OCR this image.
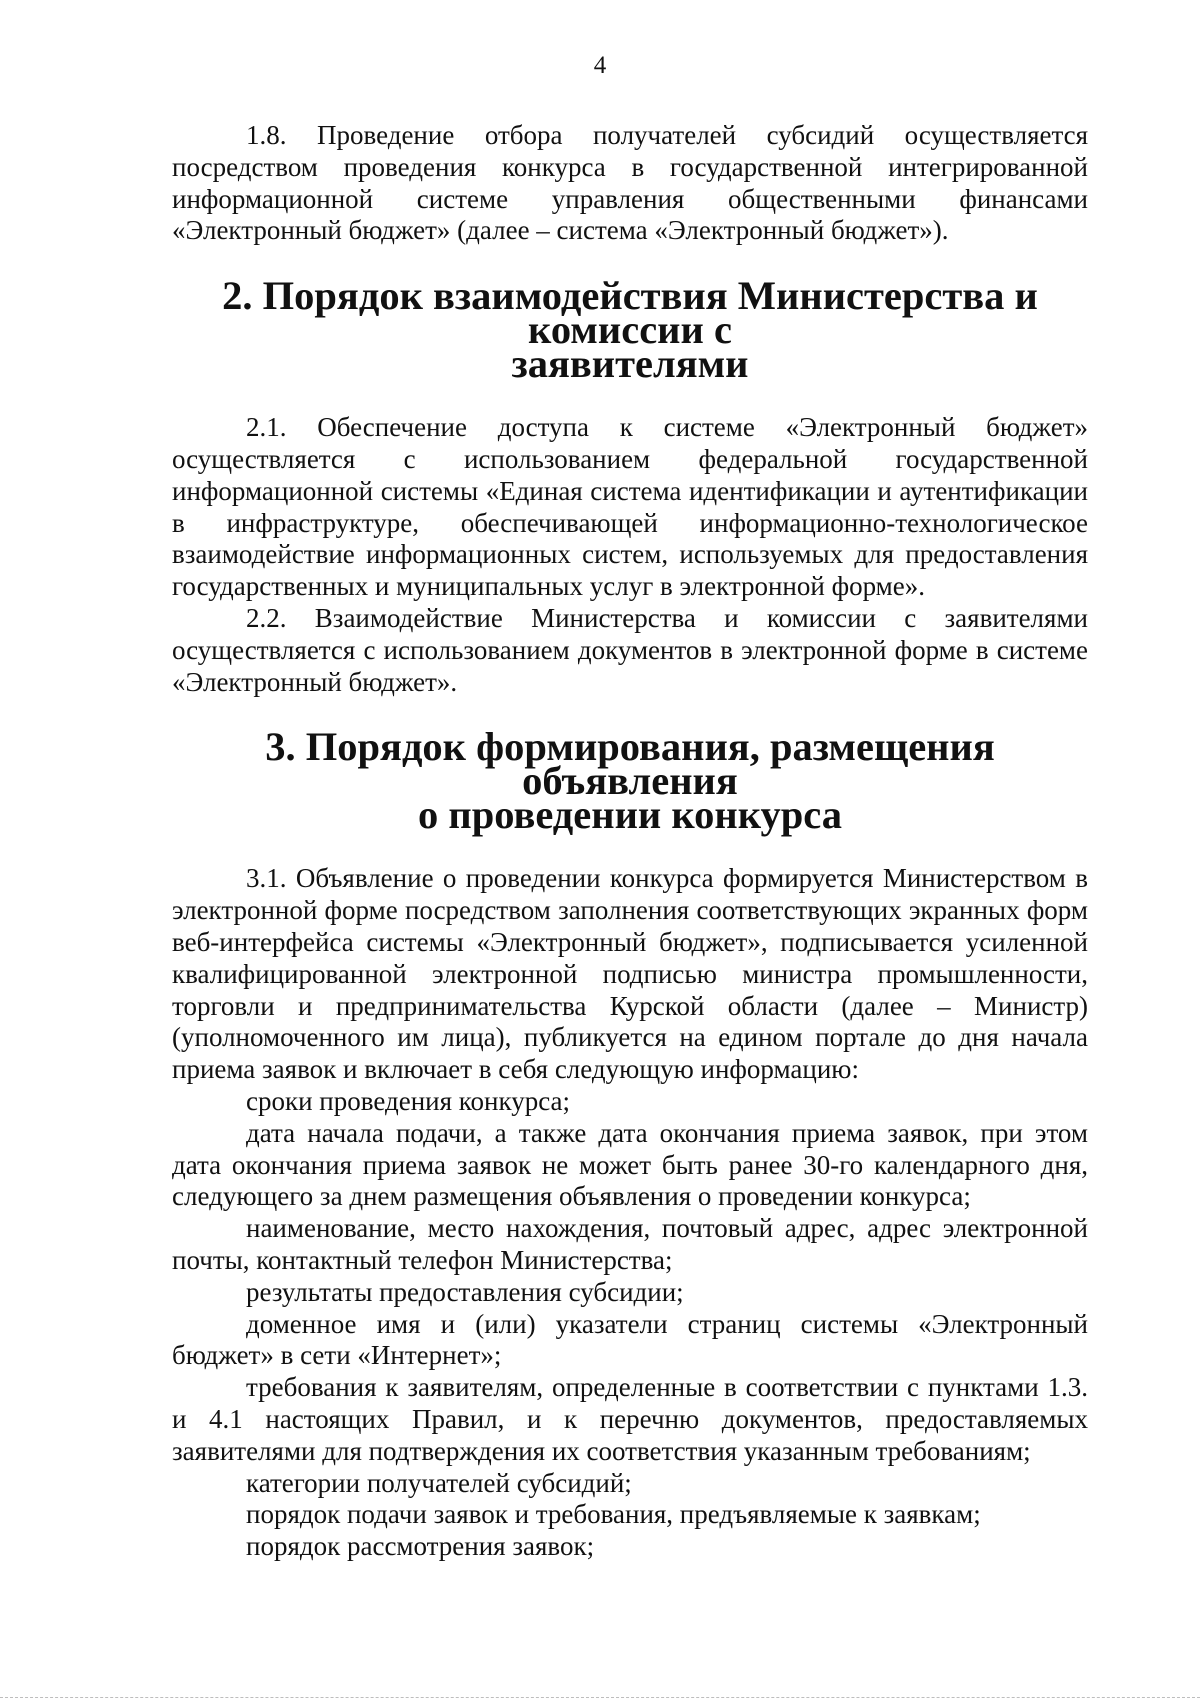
4

1.8. Проведение отбора получателей субсидий осуществляется посредством проведения конкурса в государственной интегрированной информационной системе управления общественными финансами «Электронный бюджет» (далее – система «Электронный бюджет»).

2. Порядок взаимодействия Министерства и комиссии с
заявителями

2.1. Обеспечение доступа к системе «Электронный бюджет» осуществляется с использованием федеральной государственной информационной системы «Единая система идентификации и аутентификации в инфраструктуре, обеспечивающей информационно-технологическое взаимодействие информационных систем, используемых для предоставления государственных и муниципальных услуг в электронной форме».

2.2. Взаимодействие Министерства и комиссии с заявителями осуществляется с использованием документов в электронной форме в системе «Электронный бюджет».

3. Порядок формирования, размещения объявления
о проведении конкурса

3.1. Объявление о проведении конкурса формируется Министерством в электронной форме посредством заполнения соответствующих экранных форм веб-интерфейса системы «Электронный бюджет», подписывается усиленной квалифицированной электронной подписью министра промышленности, торговли и предпринимательства Курской области (далее – Министр) (уполномоченного им лица), публикуется на едином портале до дня начала приема заявок и включает в себя следующую информацию:

сроки проведения конкурса;

дата начала подачи, а также дата окончания приема заявок, при этом дата окончания приема заявок не может быть ранее 30-го календарного дня, следующего за днем размещения объявления о проведении конкурса;

наименование, место нахождения, почтовый адрес, адрес электронной почты, контактный телефон Министерства;

результаты предоставления субсидии;

доменное имя и (или) указатели страниц системы «Электронный бюджет» в сети «Интернет»;

требования к заявителям, определенные в соответствии с пунктами 1.3. и 4.1 настоящих Правил, и к перечню документов, предоставляемых заявителями для подтверждения их соответствия указанным требованиям;

категории получателей субсидий;

порядок подачи заявок и требования, предъявляемые к заявкам;

порядок рассмотрения заявок;
